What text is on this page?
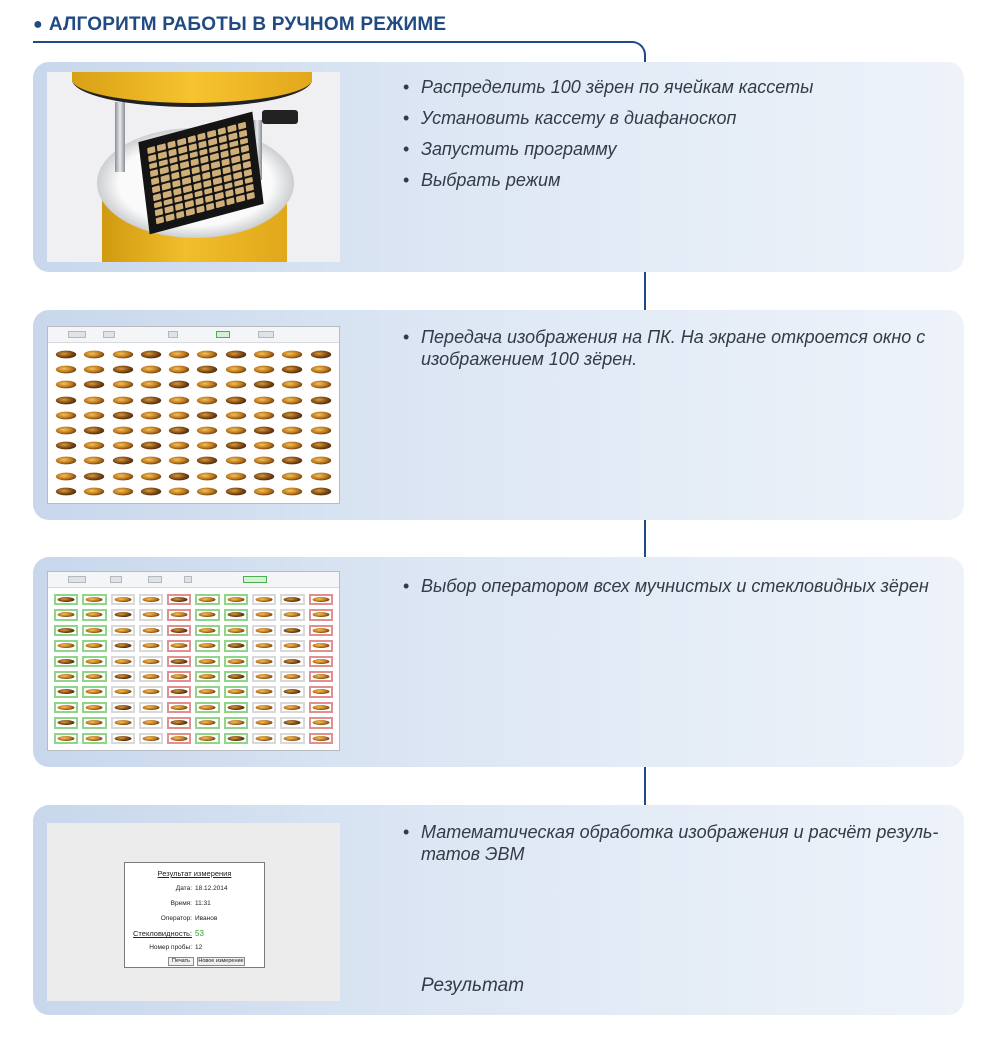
● АЛГОРИТМ РАБОТЫ В РУЧНОМ РЕЖИМЕ
• Распределить 100 зёрен по ячейкам кассеты
• Установить кассету в диафаноскоп
• Запустить программу
• Выбрать режим
• Передача изображения на ПК. На экране откроется окно с изображением 100 зёрен.
• Выбор оператором всех мучнистых и стекловидных зёрен
Результат измерения
Дата: 18.12.2014
Время: 11:31
Оператор: Иванов
Стекловидность: 53
Номер пробы: 12
Печать	Новое измерение
• Математическая обработка изображения и расчёт резуль-татов ЭВМ
Результат
